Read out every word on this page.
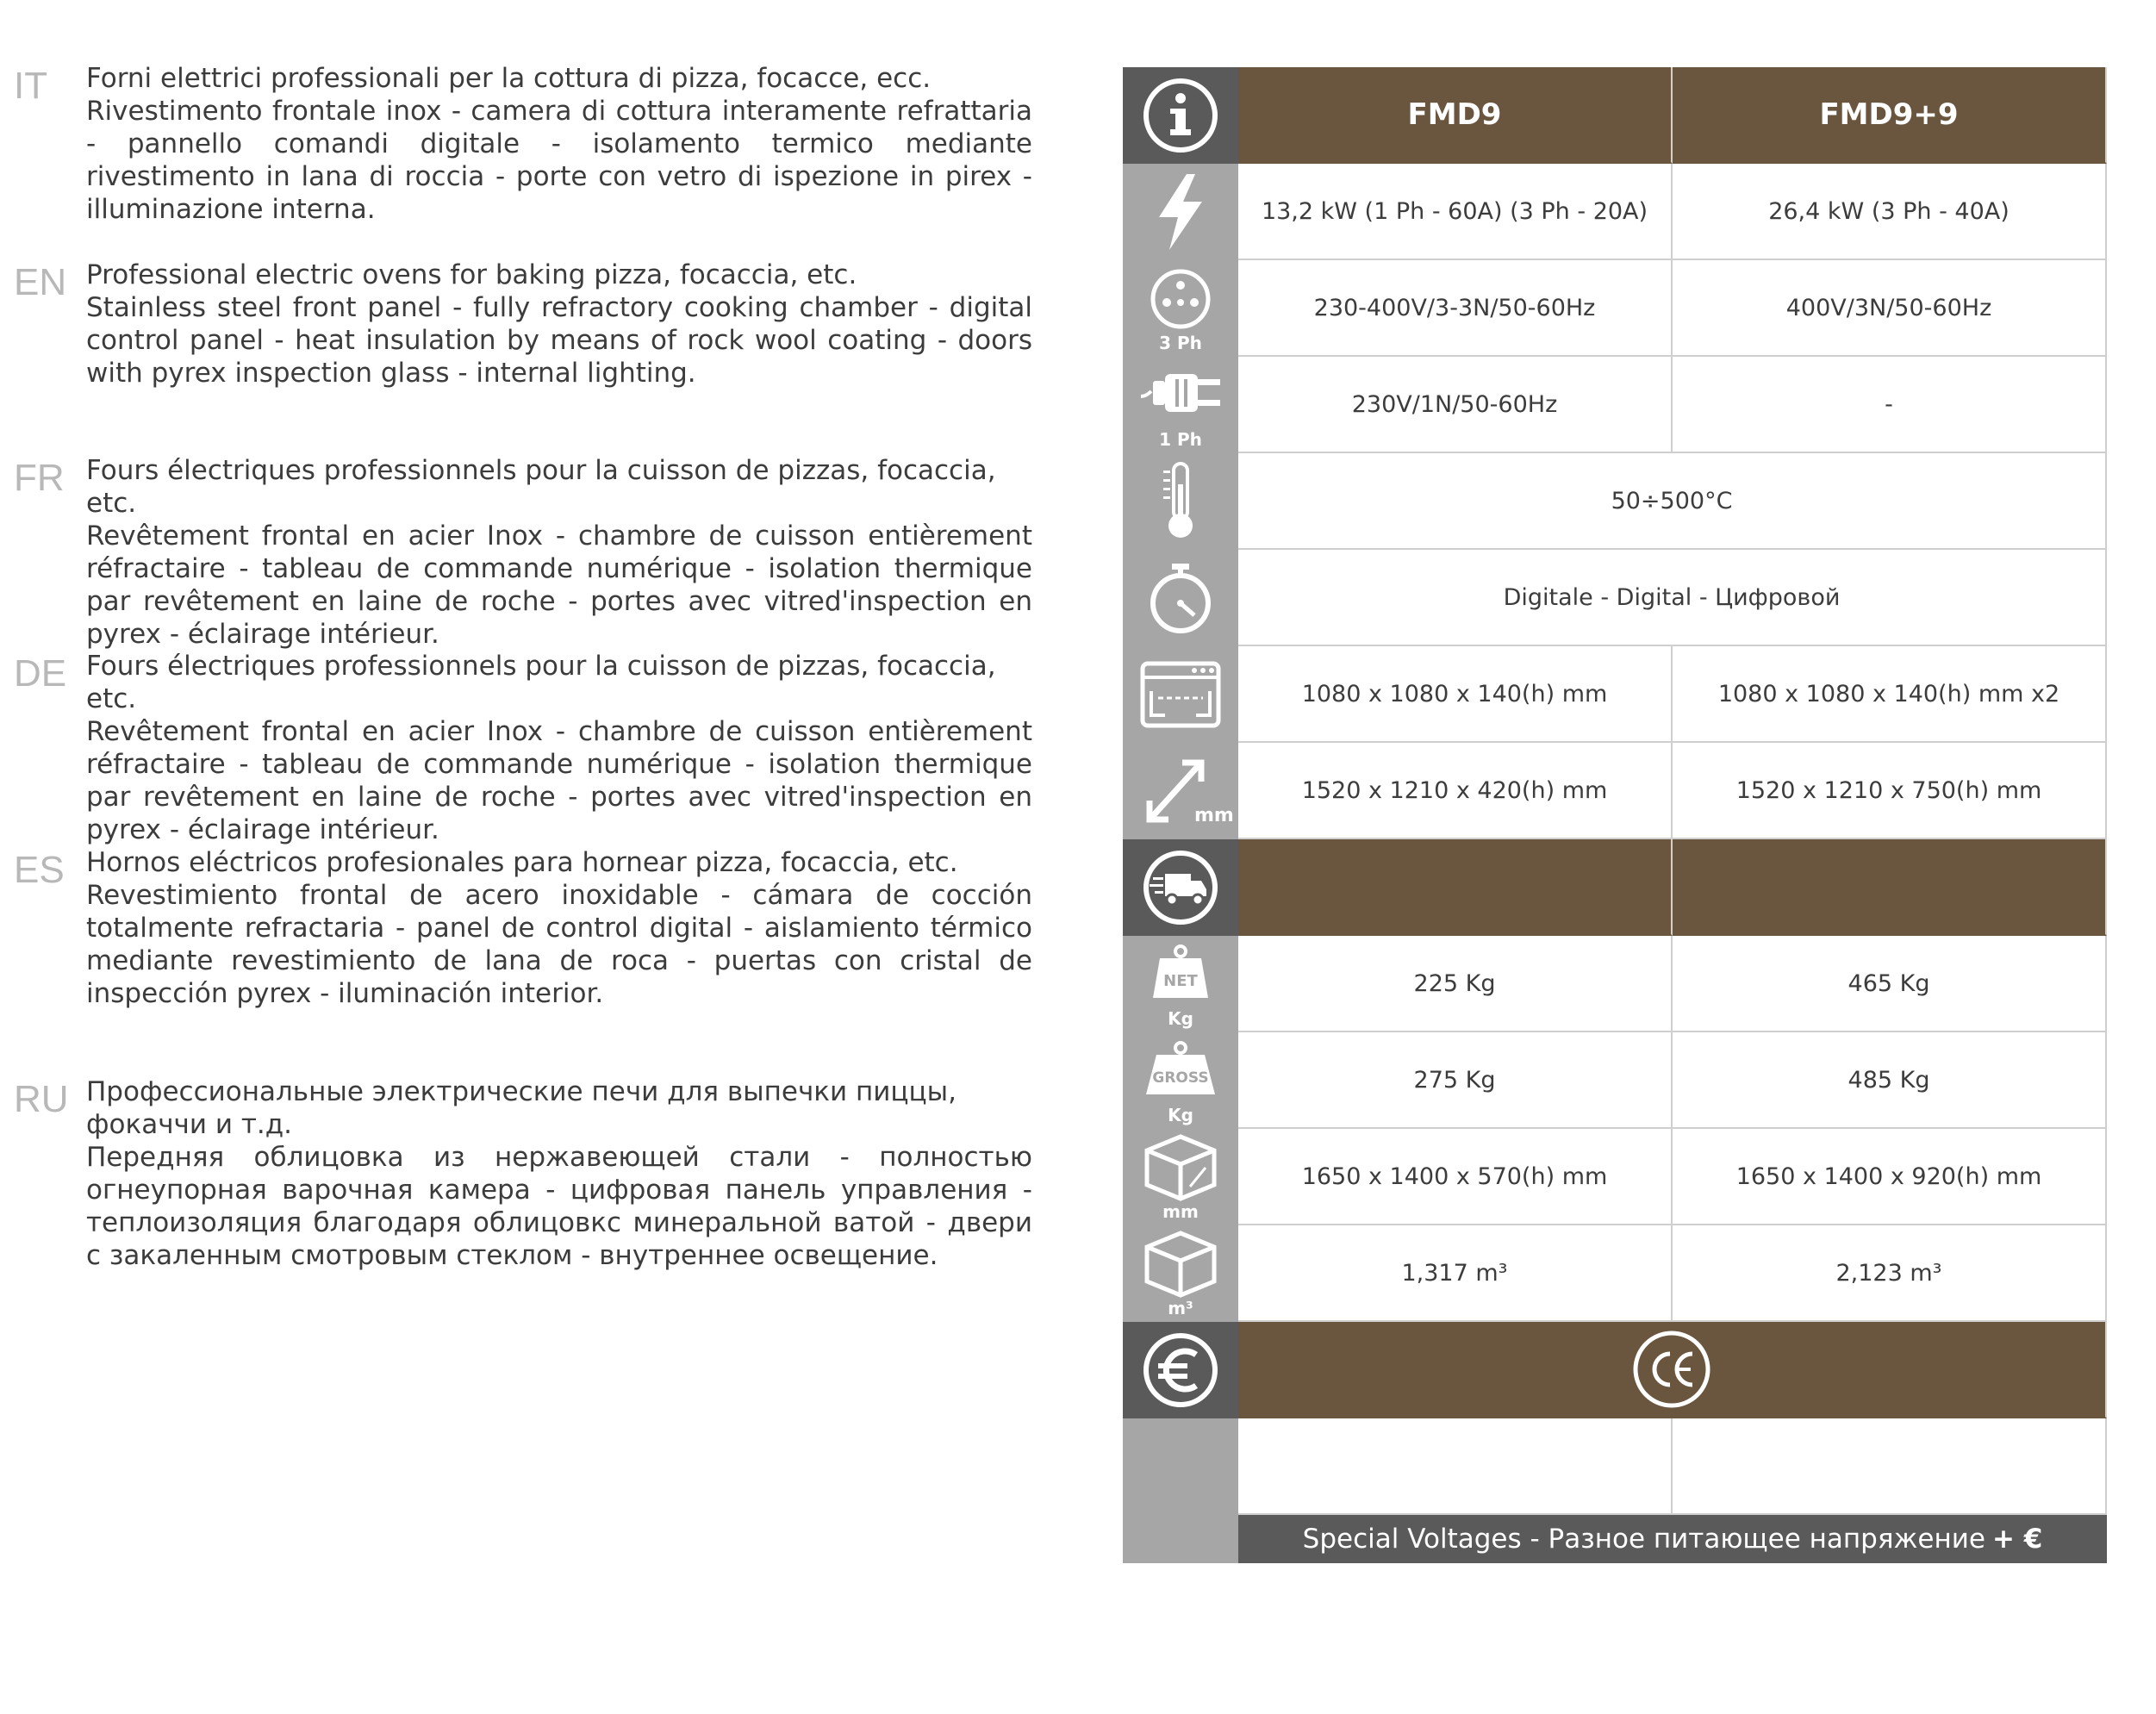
IT Forni elettrici professionali per la cottura di pizza, focacce, ecc.

Rivestimento frontale inox - camera di cottura interamente refrattaria - pannello comandi digitale - isolamento termico mediante rivestimento in lana di roccia - porte con vetro di ispezione in pirex - illuminazione interna.

EN Professional electric ovens for baking pizza, focaccia, etc.

Stainless steel front panel - fully refractory cooking chamber - digital control panel - heat insulation by means of rock wool coating - doors with pyrex inspection glass - internal lighting.

FR Fours électriques professionnels pour la cuisson de pizzas, focaccia, etc.

Revêtement frontal en acier Inox - chambre de cuisson entièrement réfractaire - tableau de commande numérique - isolation thermique par revêtement en laine de roche - portes avec vitred'inspection en pyrex - éclairage intérieur.

DE Fours électriques professionnels pour la cuisson de pizzas, focaccia, etc.

Revêtement frontal en acier Inox - chambre de cuisson entièrement réfractaire - tableau de commande numérique - isolation thermique par revêtement en laine de roche - portes avec vitred'inspection en pyrex - éclairage intérieur.

ES Hornos eléctricos profesionales para hornear pizza, focaccia, etc.

Revestimiento frontal de acero inoxidable - cámara de cocción totalmente refractaria - panel de control digital - aislamiento térmico mediante revestimiento de lana de roca - puertas con cristal de inspección pyrex - iluminación interior.

RU Профессиональные электрические печи для выпечки пиццы, фокаччи и т.д.

Передняя облицовка из нержавеющей стали - полностью огнеупорная варочная камера - цифровая панель управления - теплоизоляция благодаря облицовкс минеральной ватой - двери с закаленным смотровым стеклом - внутреннее освещение.

FMD9	FMD9+9
13,2 kW (1 Ph - 60A) (3 Ph - 20A)	26,4 kW (3 Ph - 40A)
3 Ph
230-400V/3-3N/50-60Hz	400V/3N/50-60Hz
1 Ph
230V/1N/50-60Hz	-
50÷500°C
Digitale - Digital - Цифровой
1080 x 1080 x 140(h) mm	1080 x 1080 x 140(h) mm x2
mm
1520 x 1210 x 420(h) mm	1520 x 1210 x 750(h) mm
NET
Kg
225 Kg	465 Kg
GROSS
Kg
275 Kg	485 Kg
mm
1650 x 1400 x 570(h) mm	1650 x 1400 x 920(h) mm
m³
1,317 m³	2,123 m³
Special Voltages - Разное питающее напряжение + €
